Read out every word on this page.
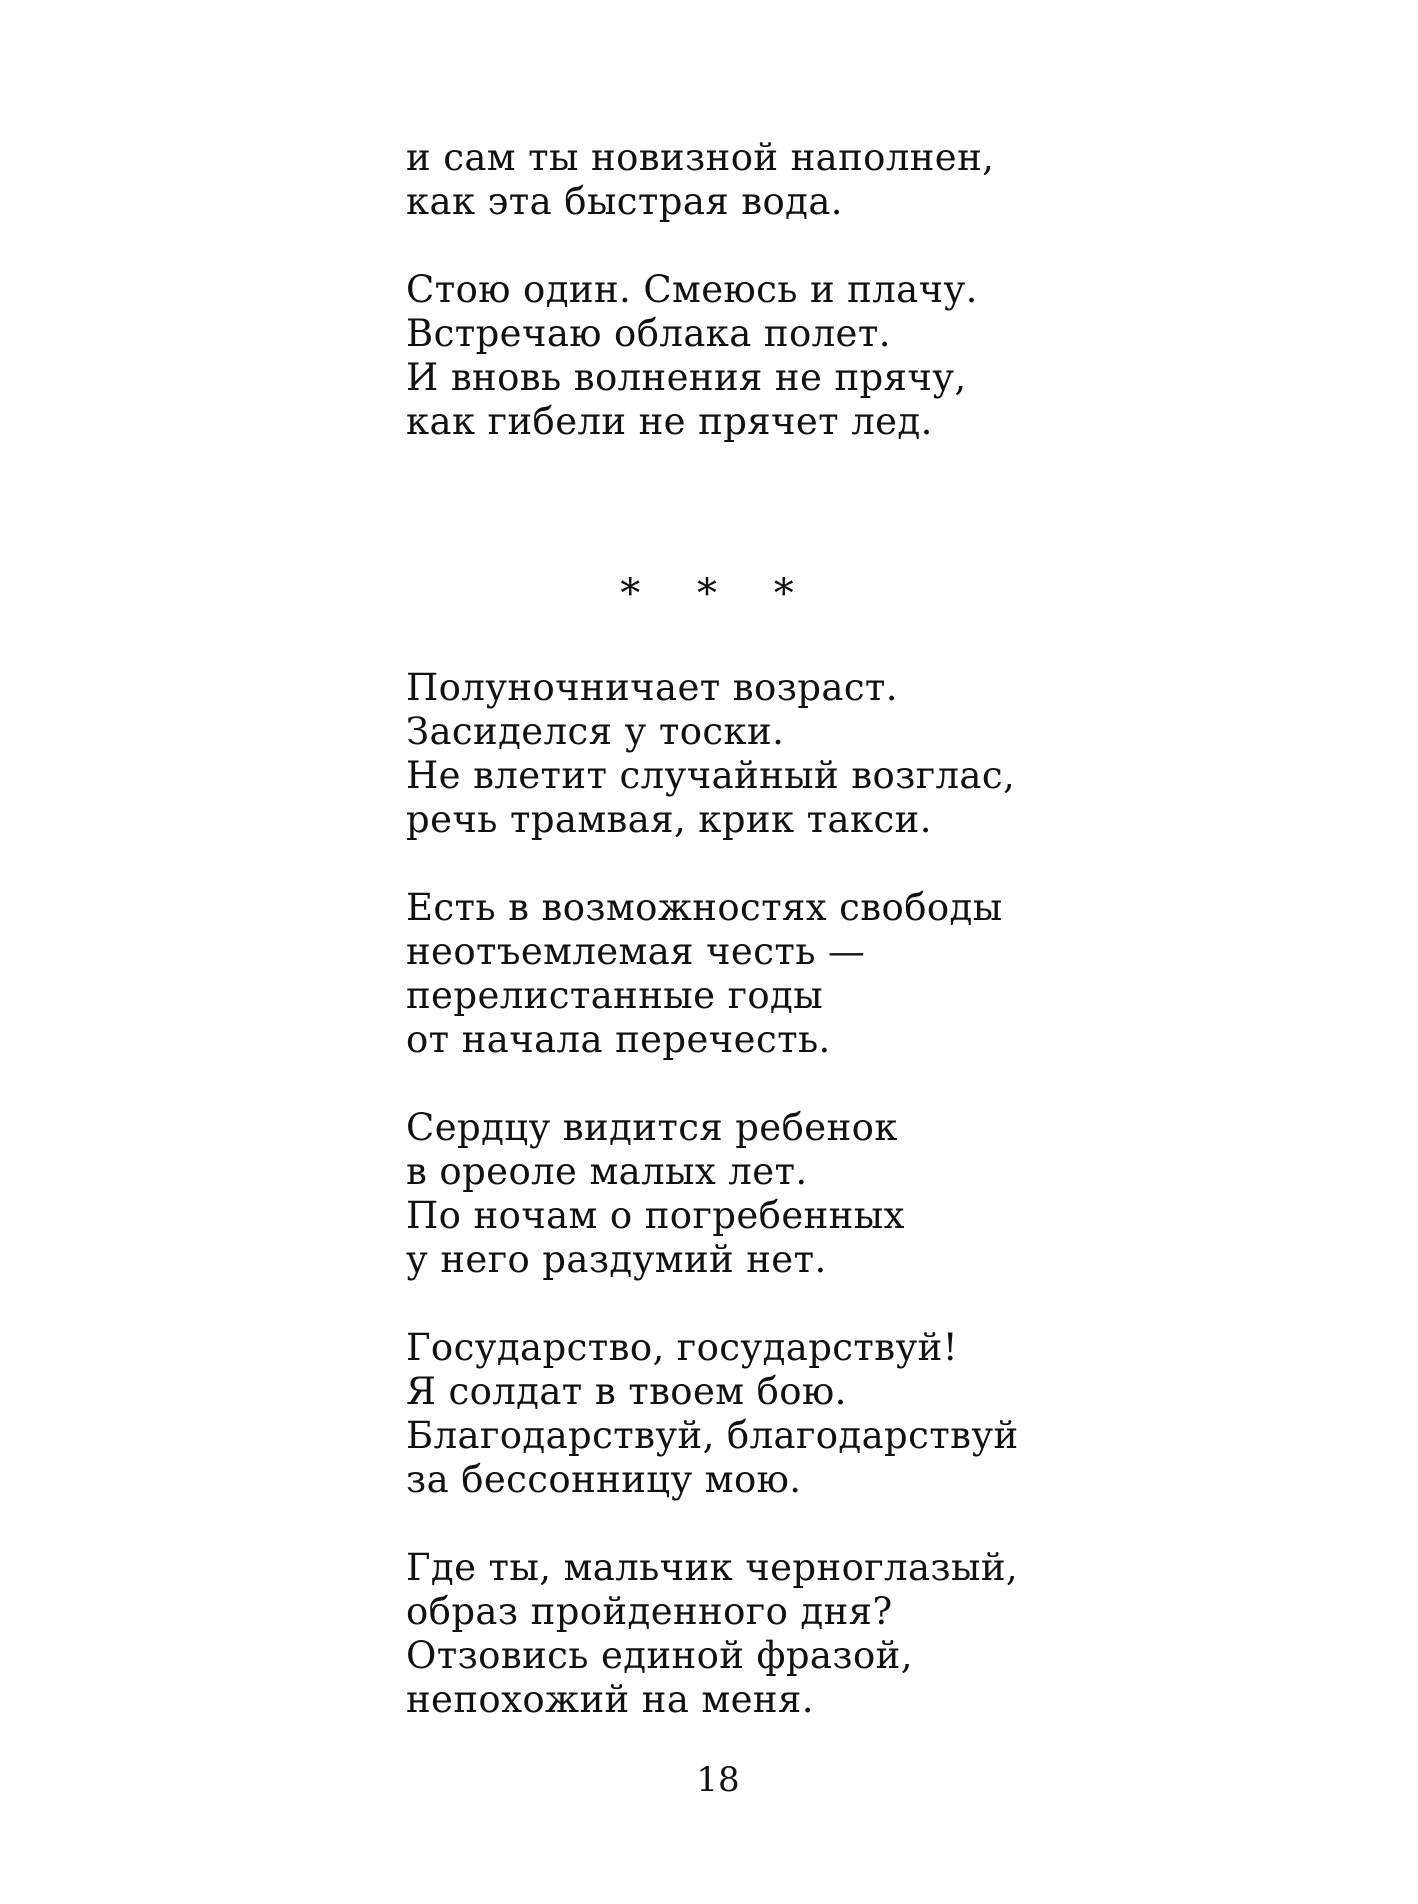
и сам ты новизной наполнен,
как эта быстрая вода.
Стою один. Смеюсь и плачу.
Встречаю облака полет.
И вновь волнения не прячу,
как гибели не прячет лед.
* * *
Полуночничает возраст.
Засиделся у тоски.
Не влетит случайный возглас,
речь трамвая, крик такси.
Есть в возможностях свободы
неотъемлемая честь —
перелистанные годы
от начала перечесть.
Сердцу видится ребенок
в ореоле малых лет.
По ночам о погребенных
у него раздумий нет.
Государство, государствуй!
Я солдат в твоем бою.
Благодарствуй, благодарствуй
за бессонницу мою.
Где ты, мальчик черноглазый,
образ пройденного дня?
Отзовись единой фразой,
непохожий на меня.
18
